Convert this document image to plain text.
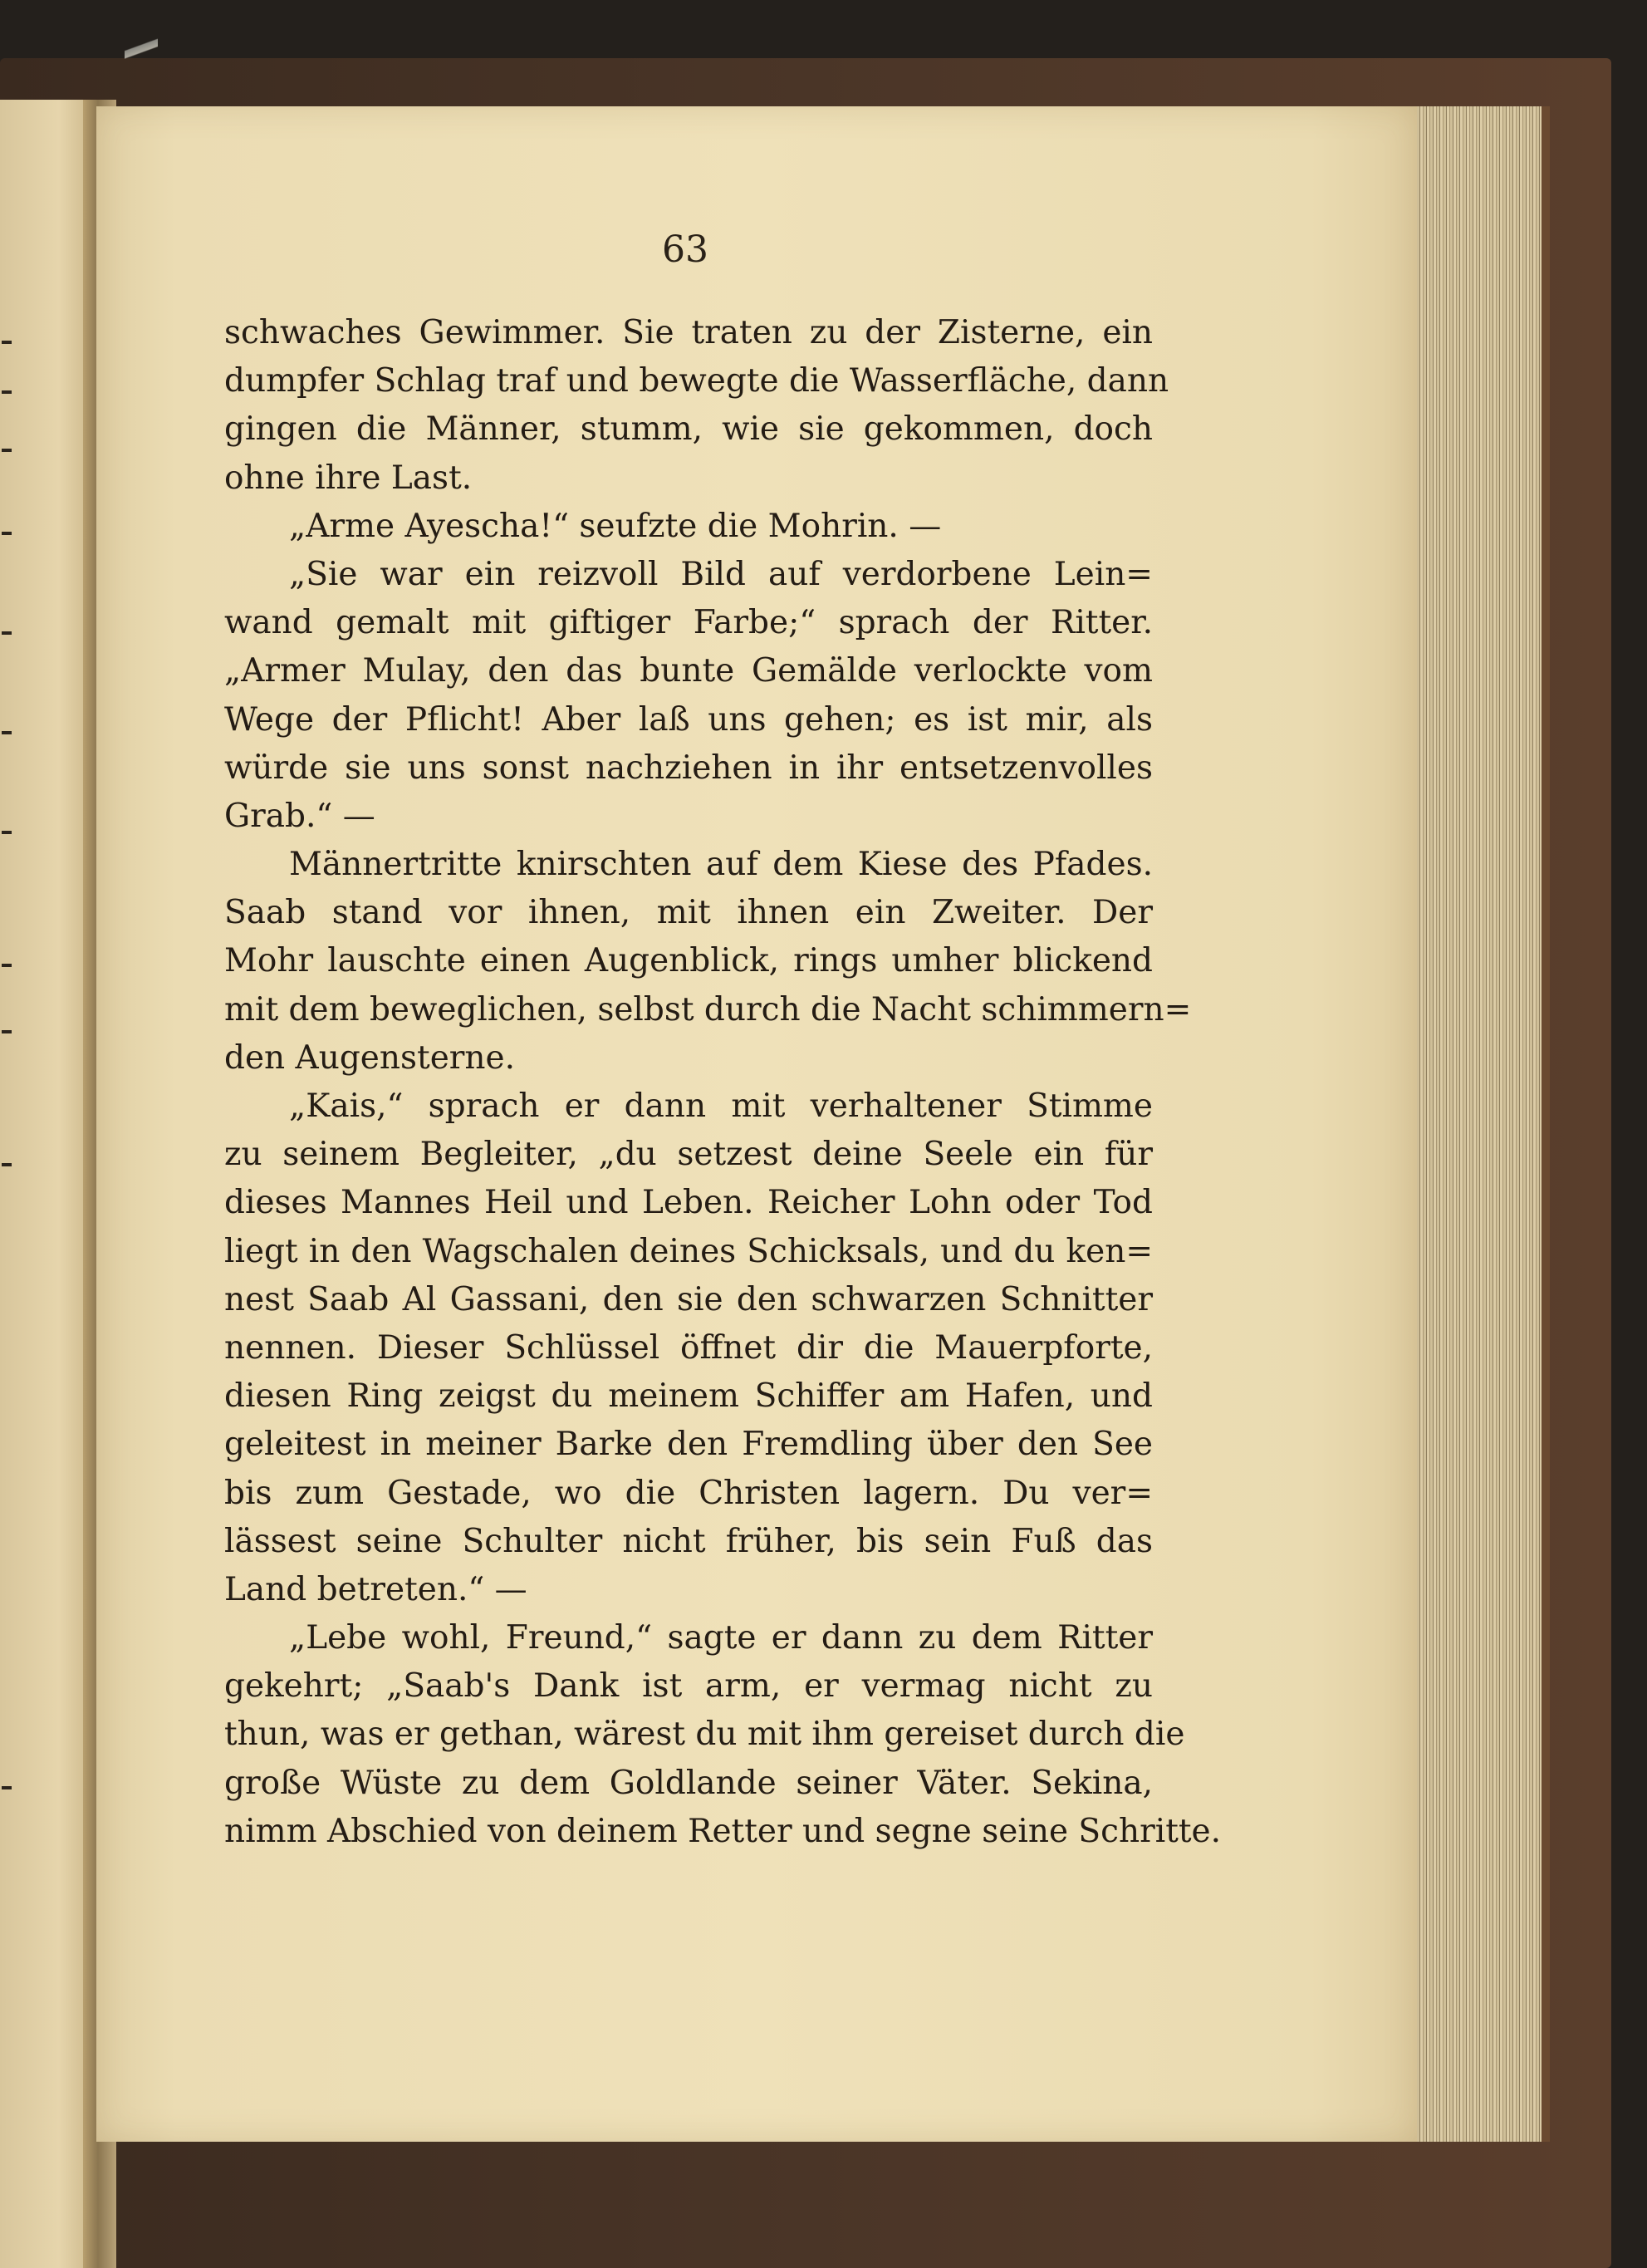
63
schwaches Gewimmer. Sie traten zu der Zisterne, ein
dumpfer Schlag traf und bewegte die Wasserfläche, dann
gingen die Männer, stumm, wie sie gekommen, doch
ohne ihre Last.
„Arme Ayescha!“ seufzte die Mohrin. —
„Sie war ein reizvoll Bild auf verdorbene Lein=
wand gemalt mit giftiger Farbe;“ sprach der Ritter.
„Armer Mulay, den das bunte Gemälde verlockte vom
Wege der Pflicht! Aber laß uns gehen; es ist mir, als
würde sie uns sonst nachziehen in ihr entsetzenvolles
Grab.“ —
Männertritte knirschten auf dem Kiese des Pfades.
Saab stand vor ihnen, mit ihnen ein Zweiter. Der
Mohr lauschte einen Augenblick, rings umher blickend
mit dem beweglichen, selbst durch die Nacht schimmern=
den Augensterne.
„Kais,“ sprach er dann mit verhaltener Stimme
zu seinem Begleiter, „du setzest deine Seele ein für
dieses Mannes Heil und Leben. Reicher Lohn oder Tod
liegt in den Wagschalen deines Schicksals, und du ken=
nest Saab Al Gassani, den sie den schwarzen Schnitter
nennen. Dieser Schlüssel öffnet dir die Mauerpforte,
diesen Ring zeigst du meinem Schiffer am Hafen, und
geleitest in meiner Barke den Fremdling über den See
bis zum Gestade, wo die Christen lagern. Du ver=
lässest seine Schulter nicht früher, bis sein Fuß das
Land betreten.“ —
„Lebe wohl, Freund,“ sagte er dann zu dem Ritter
gekehrt; „Saab's Dank ist arm, er vermag nicht zu
thun, was er gethan, wärest du mit ihm gereiset durch die
große Wüste zu dem Goldlande seiner Väter. Sekina,
nimm Abschied von deinem Retter und segne seine Schritte.
